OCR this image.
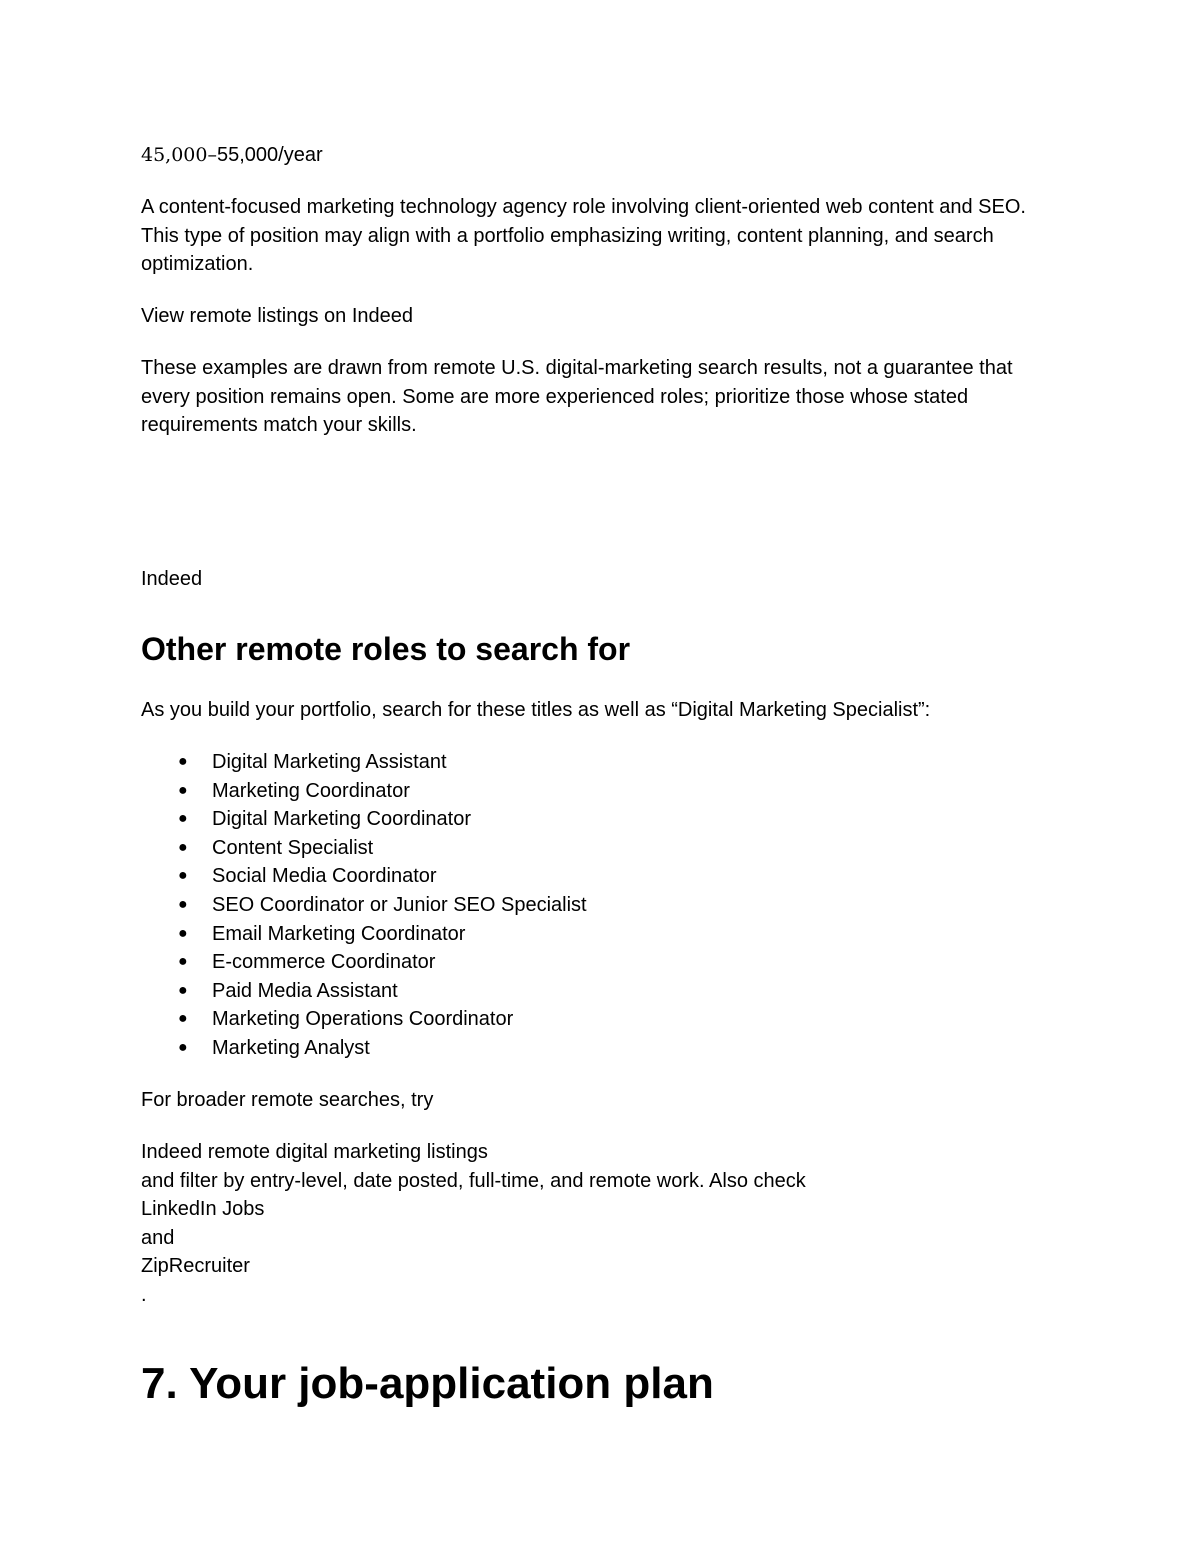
45,000–55,000/year

A content-focused marketing technology agency role involving client-oriented web content and SEO. This type of position may align with a portfolio emphasizing writing, content planning, and search optimization.

View remote listings on Indeed

These examples are drawn from remote U.S. digital-marketing search results, not a guarantee that every position remains open. Some are more experienced roles; prioritize those whose stated requirements match your skills.

Indeed

Other remote roles to search for

As you build your portfolio, search for these titles as well as “Digital Marketing Specialist”:

● Digital Marketing Assistant
● Marketing Coordinator
● Digital Marketing Coordinator
● Content Specialist
● Social Media Coordinator
● SEO Coordinator or Junior SEO Specialist
● Email Marketing Coordinator
● E-commerce Coordinator
● Paid Media Assistant
● Marketing Operations Coordinator
● Marketing Analyst

For broader remote searches, try

Indeed remote digital marketing listings
and filter by entry-level, date posted, full-time, and remote work. Also check
LinkedIn Jobs
and
ZipRecruiter
.
7. Your job-application plan
